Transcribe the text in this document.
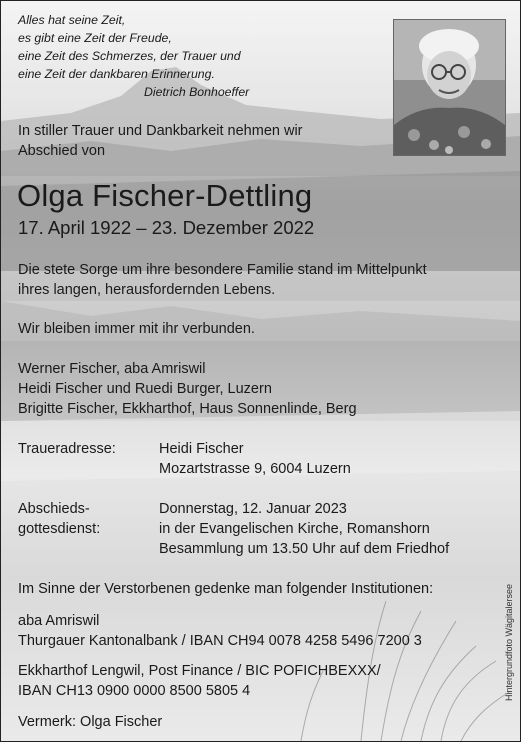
Alles hat seine Zeit,
es gibt eine Zeit der Freude,
eine Zeit des Schmerzes, der Trauer und
eine Zeit der dankbaren Erinnerung.
Dietrich Bonhoeffer
In stiller Trauer und Dankbarkeit nehmen wir
Abschied von
Olga Fischer-Dettling
17. April 1922 – 23. Dezember 2022
Die stete Sorge um ihre besondere Familie stand im Mittelpunkt
ihres langen, herausfordernden Lebens.
Wir bleiben immer mit ihr verbunden.
Werner Fischer, aba Amriswil
Heidi Fischer und Ruedi Burger, Luzern
Brigitte Fischer, Ekkharthof, Haus Sonnenlinde, Berg
Traueradresse:	Heidi Fischer
Mozartstrasse 9, 6004 Luzern
Abschieds-
gottesdienst:
Donnerstag, 12. Januar 2023
in der Evangelischen Kirche, Romanshorn
Besammlung um 13.50 Uhr auf dem Friedhof
Im Sinne der Verstorbenen gedenke man folgender Institutionen:
aba Amriswil
Thurgauer Kantonalbank / IBAN CH94 0078 4258 5496 7200 3
Ekkharthof Lengwil, Post Finance / BIC POFICHBEXXX/
IBAN CH13 0900 0000 8500 5805 4
Vermerk: Olga Fischer
Hintergrundfoto Wägitalersee
